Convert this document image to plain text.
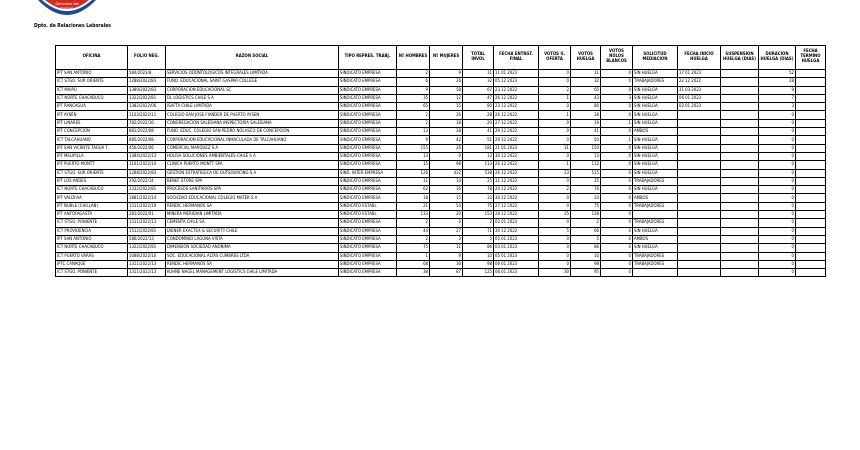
Dirección del
Trabajo
Dpto. de Relaciones Laborales
OFICINA	FOLIO NEG.	RAZON SOCIAL	TIPO REPRES. TRABJ.	Nº HOMBRES	Nº MUJERES	TOTAL INVOL	FECHA ENTRGT. FINAL	VOTOS U. OFERTA	VOTOS HUELGA	VOTOS NULOS BLANCOS	SOLICITUD MEDIACION	FECHA INICIO HUELGA	SUSPENSION HUELGA (DIAS)	DURACION HUELGA (DIAS)	FECHA TERMINO HUELGA
IPT SAN ANTONIO	584/2023/8	SERVICIOS ODONTOLOGICOS INTEGRALES LIMITADA	SINDICATO EMPRESA	2	9	11	11 01 2023	0	11	0	SIN HUELGA	17 01 2023		52	
ICT STGO. SUR ORIENTE	1288/2022/83	FUND. EDUCACIONAL SAINT GASPAR COLLEGE	SINDICATO EMPRESA	6	26	32	05 12 2023	0	32	0	TRABAJADORES	22 12 2022		28	
ICT MAIPÚ	1389/2022/83	CORPORACION EDUCACIONAL SC	SINDICATO EMPRESA	9	58	67	23 12 2022	2	65	0	SIN HUELGA	31 03 2023		9	
ICT NORTE CHACABUCO	1322/2022/81	DL LOGISTICS CHILE S A	SINDICATO EMPRESA	35	12	47	26 12 2022	1	43	3	SIN HUELGA	06 01 2023		7	
IPT RANCAGUA	1382/2022/06	ISAFTA CHILE LIMITADA	SINDICATO EMPRESA	65	15	80	23 12 2022	0	80	0	SIN HUELGA	02 01 2023		3	
IPT AYSÉN	1103/2022/11	COLEGIO SAN JOSE FIANDER DE PUERTO AYSEN	SINDICATO EMPRESA	2	26	28	26 12 2022	1	28	0	SIN HUELGA			0	
IPT LINARES	782/2022/16	CONGREGACION SALESIANA INSPECTORIA SALESIANA	SINDICATO EMPRESA	2	18	20	27 12 2022	0	19	1	SIN HUELGA			0	
IPT CONCEPCION	881/2022/08	FUND. EDUC. COLEGIO SAN PEDRO NOLASCO DE CONCEPCION	SINDICATO EMPRESA	13	28	41	29 12 2022	0	41	0	AMBOS			0	
ICT TALCAHUANO	885/2022/08	CORPORACION EDUCACIONAL INMACULADA DE TALCAHUANO	SINDICATO EMPRESA	9	42	51	29 12 2022	0	50	1	SIN HUELGA			0	
IPT SAN VICENTE TAGUA T	456/2022/06	COMERCIAL MARQUEZ S A	SINDICATO EMPRESA	155	26	181	21 01 2023	31	150	0	SIN HUELGA			0	
IPT MELIPILLA	1384/2022/13	HOLISA SOLUCIONES AMBIENTALES CHILE S A	SINDICATO EMPRESA	13	0	13	30 12 2022	0	13	0	SIN HUELGA			0	
IPT PUERTO MONTT	1101/2022/10	CLINICA PUERTO MONTT SPA	SINDICATO EMPRESA	15	98	113	26 12 2022	1	112	0	SIN HUELGA			0	
ICT STGO. SUR ORIENTE	1288/2022/83	GESTION ESTRATEGICA DE OUTSOURCING S A	SIND. INTER EMPRESA	126	412	538	26 12 2022	23	515	0	SIN HUELGA			0	
IPT LOS ANDES	292/2022/14	BENEF STORE SPA	SINDICATO EMPRESA	11	14	25	31 12 2022	0	25	0	TRABAJADORES			0	
ICT NORTE CHACABUCO	1332/2022/81	PROCESOS SANITARIOS SPA	SINDICATO EMPRESA	62	16	78	20 12 2022	2	76	0	SIN HUELGA			0	
IPT VALDIVIA	1881/2022/14	SOCIEDAD EDUCACIONAL COLEGIO MATER S A	SINDICATO EMPRESA	18	15	33	30 12 2022	0	33	0	AMBOS			0	
IPT ÑUBLE (CHILLAN)	1311/2022/19	RENDIC HERMANOS SA	SINDICATO ESTABL	21	54	75	27 12 2022	0	75	0	TRABAJADORES			0	
IPT ANTOFAGASTA	281/2022/01	MINERA MERIDIAN LIMITADA	SINDICATO ESTABL	133	20	153	28 12 2022	25	128	0				0	
ICT STGO. PONIENTE	1311/2022/13	CEMENTA CHILE SA	SINDICATO EMPRESA	2	0	2	02 01 2023	0	2	0	TRABAJADORES			0	
ICT PROVIDENCIA	1512/2022/81	DIENER EXACTEX & SECURITY CHILE	SINDICATO EMPRESA	44	27	71	30 12 2022	5	66	0	SIN HUELGA			0	
IPT SAN ANTONIO	586/2022/13	CONDOMINIO LAGUNA VISTA	SINDICATO EMPRESA	2	3	5	05 01 2023	0	5	0	AMBOS			0	
ICT NORTE CHACABUCO	1322/2022/81	DIMENSION SOCIEDAD ANONIMA	SINDICATO EMPRESA	75	11	86	03 01 2023	0	86	0	SIN HUELGA			0	
ICT PUERTO VARAS	1088/2022/10	SOC. EDUCACIONAL ALTAS CUMBRES LTDA	SINDICATO EMPRESA	1	9	10	05 01 2023	0	10	0	TRABAJADORES			0	
IPTC CANAQUE	1311/2022/13	RENDIC HERMANOS SA	SINDICATO EMPRESA	68	30	98	06 01 2023	0	98	0	TRABAJADORES			0	
ICT STGO. PONIENTE	1311/2022/13	KUHNE NAGEL MANAGEMENT LOGISTICS CHILE LIMITADA	SINDICATO EMPRESA	38	87	125	06 01 2023	30	95	0				0	
